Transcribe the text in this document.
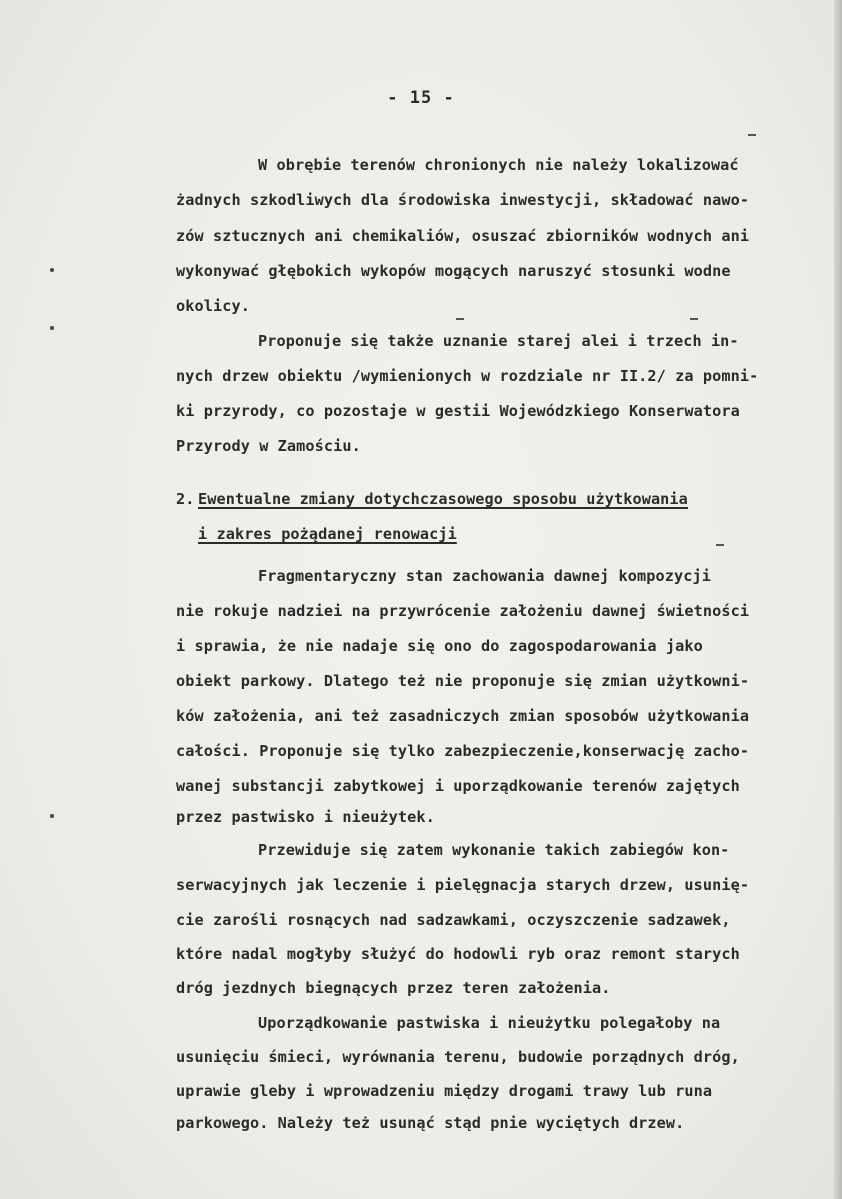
- 15 -
W obrębie terenów chronionych nie należy lokalizować
żadnych szkodliwych dla środowiska inwestycji, składować nawo-
zów sztucznych ani chemikaliów, osuszać zbiorników wodnych ani
wykonywać głębokich wykopów mogących naruszyć stosunki wodne
okolicy.
Proponuje się także uznanie starej alei i trzech in-
nych drzew obiektu /wymienionych w rozdziale nr II.2/ za pomni-
ki przyrody, co pozostaje w gestii Wojewódzkiego Konserwatora
Przyrody w Zamościu.
2. Ewentualne zmiany dotychczasowego sposobu użytkowania
i zakres pożądanej renowacji
Fragmentaryczny stan zachowania dawnej kompozycji
nie rokuje nadziei na przywrócenie założeniu dawnej świetności
i sprawia, że nie nadaje się ono do zagospodarowania jako
obiekt parkowy. Dlatego też nie proponuje się zmian użytkowni-
ków założenia, ani też zasadniczych zmian sposobów użytkowania
całości. Proponuje się tylko zabezpieczenie,konserwację zacho-
wanej substancji zabytkowej i uporządkowanie terenów zajętych
przez pastwisko i nieużytek.
Przewiduje się zatem wykonanie takich zabiegów kon-
serwacyjnych jak leczenie i pielęgnacja starych drzew, usunię-
cie zarośli rosnących nad sadzawkami, oczyszczenie sadzawek,
które nadal mogłyby służyć do hodowli ryb oraz remont starych
dróg jezdnych biegnących przez teren założenia.
Uporządkowanie pastwiska i nieużytku polegałoby na
usunięciu śmieci, wyrównania terenu, budowie porządnych dróg,
uprawie gleby i wprowadzeniu między drogami trawy lub runa
parkowego. Należy też usunąć stąd pnie wyciętych drzew.
